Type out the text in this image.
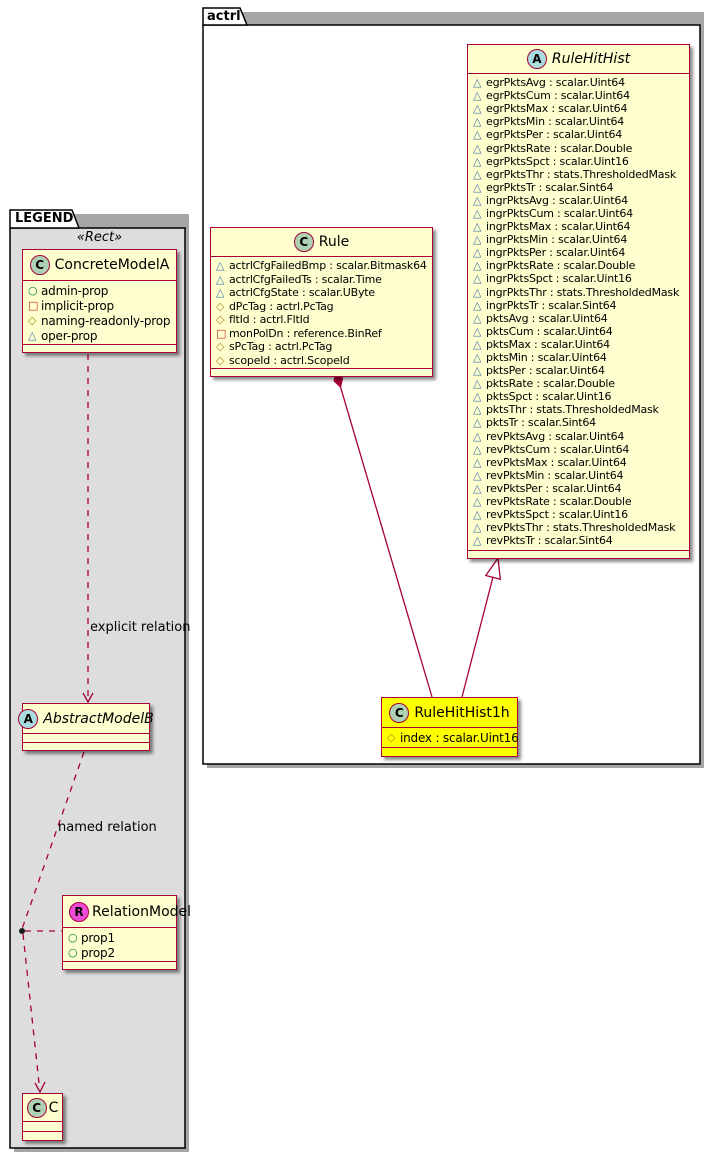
actrl
LEGEND
«Rect»
explicit relation
named relation
A RuleHitHist
△ egrPktsAvg : scalar.Uint64
△ egrPktsCum : scalar.Uint64
△ egrPktsMax : scalar.Uint64
△ egrPktsMin : scalar.Uint64
△ egrPktsPer : scalar.Uint64
△ egrPktsRate : scalar.Double
△ egrPktsSpct : scalar.Uint16
△ egrPktsThr : stats.ThresholdedMask
△ egrPktsTr : scalar.Sint64
△ ingrPktsAvg : scalar.Uint64
△ ingrPktsCum : scalar.Uint64
△ ingrPktsMax : scalar.Uint64
△ ingrPktsMin : scalar.Uint64
△ ingrPktsPer : scalar.Uint64
△ ingrPktsRate : scalar.Double
△ ingrPktsSpct : scalar.Uint16
△ ingrPktsThr : stats.ThresholdedMask
△ ingrPktsTr : scalar.Sint64
△ pktsAvg : scalar.Uint64
△ pktsCum : scalar.Uint64
△ pktsMax : scalar.Uint64
△ pktsMin : scalar.Uint64
△ pktsPer : scalar.Uint64
△ pktsRate : scalar.Double
△ pktsSpct : scalar.Uint16
△ pktsThr : stats.ThresholdedMask
△ pktsTr : scalar.Sint64
△ revPktsAvg : scalar.Uint64
△ revPktsCum : scalar.Uint64
△ revPktsMax : scalar.Uint64
△ revPktsMin : scalar.Uint64
△ revPktsPer : scalar.Uint64
△ revPktsRate : scalar.Double
△ revPktsSpct : scalar.Uint16
△ revPktsThr : stats.ThresholdedMask
△ revPktsTr : scalar.Sint64
C Rule
△ actrlCfgFailedBmp : scalar.Bitmask64
△ actrlCfgFailedTs : scalar.Time
△ actrlCfgState : scalar.UByte
◇ dPcTag : actrl.PcTag
◇ fltId : actrl.FltId
□ monPolDn : reference.BinRef
◇ sPcTag : actrl.PcTag
◇ scopeId : actrl.ScopeId
C RuleHitHist1h
◇ index : scalar.Uint16
C ConcreteModelA
○ admin-prop
□ implicit-prop
◇ naming-readonly-prop
△ oper-prop
A AbstractModelB
R RelationModel
○ prop1
○ prop2
C C
